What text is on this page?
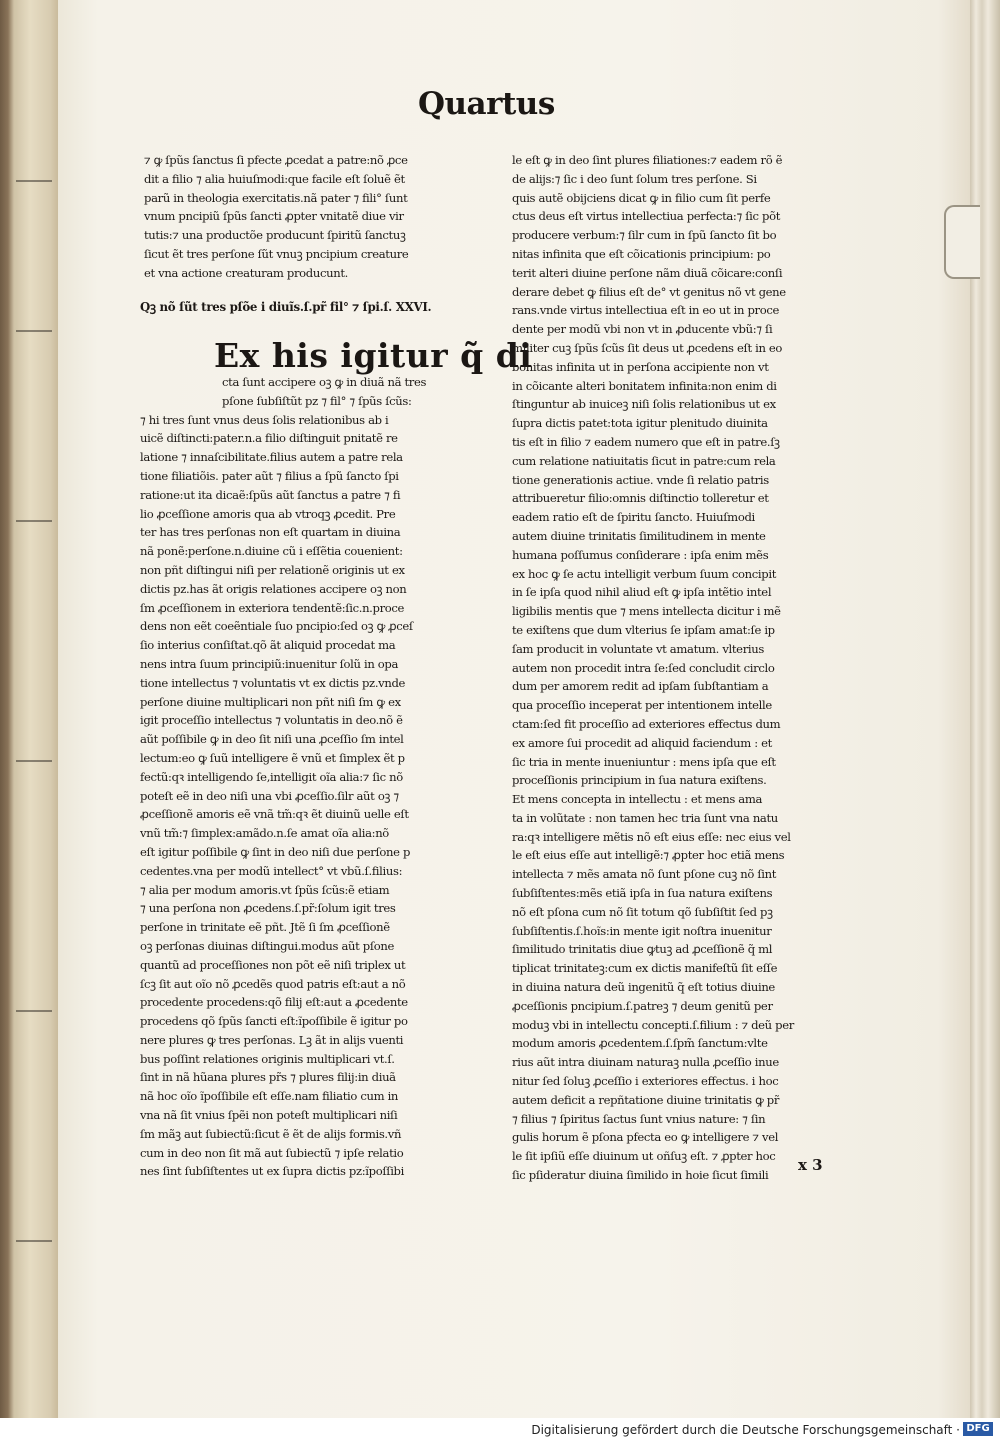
Quartus
⁊ ꝙ ſpũs ſanctus ſi pfecte ꝓcedat a patre:nõ ꝓce
dit a filio ⁊ alia huiuſmodi:que facile eſt ſoluẽ ẽt
parũ in theologia exercitatis.nã pater ⁊ fili° ſunt
vnum pncipiũ ſpũs ſancti ꝓpter vnitatẽ diue vir
tutis:⁊ una productõe producunt ſpiritũ ſanctuꝫ
ſicut ẽt tres perſone ſũt vnuꝫ pncipium creature
et vna actione creaturam producunt.
Qꝫ nõ ſũt tres pſõe i diuĩs.ſ.pr̃ fil° ⁊ ſpi.ſ. XXVI.
Ex his igitur q̃ di
cta ſunt accipere oꝫ ꝙ in diuã nã tres
pſone ſubſiſtũt pz ⁊ fil° ⁊ ſpũs ſcũs:
⁊ hi tres ſunt vnus deus ſolis relationibus ab i
uicẽ diſtincti:pater.n.a filio diſtinguit pnitatẽ re
latione ⁊ innaſcibilitate.filius autem a patre rela
tione filiatiõis. pater aũt ⁊ filius a ſpũ ſancto ſpi
ratione:ut ita dicaẽ:ſpũs aũt ſanctus a patre ⁊ fi
lio ꝓceſſione amoris qua ab vtroqꝫ ꝓcedit. Pre
ter has tres perſonas non eſt quartam in diuina
nã ponẽ:perſone.n.diuine cũ i eſſẽtia couenient:
non pñt diſtingui niſi per relationẽ originis ut ex
dictis pz.has ãt origis relationes accipere oꝫ non
ſm ꝓceſſionem in exteriora tendentẽ:ſic.n.proce
dens non eẽt coeẽntiale ſuo pncipio:ſed oꝫ ꝙ ꝓceſ
ſio interius conſiſtat.qõ ãt aliquid procedat ma
nens intra ſuum principiũ:inuenitur ſolũ in opa
tione intellectus ⁊ voluntatis vt ex dictis pz.vnde
perſone diuine multiplicari non pñt niſi ſm ꝙ ex
igit proceſſio intellectus ⁊ voluntatis in deo.nõ ẽ
aũt poſſibile ꝙ in deo ſit niſi una ꝓceſſio ſm intel
lectum:eo ꝙ ſuũ intelligere ẽ vnũ et ſimplex ẽt p
fectũ:qꝛ intelligendo ſe,intelligit oĩa alia:⁊ ſic nõ
poteſt eẽ in deo niſi una vbi ꝓceſſio.ſilr aũt oꝫ ⁊
ꝓceſſionẽ amoris eẽ vnã tm̃:qꝛ ẽt diuinũ uelle eſt
vnũ tm̃:⁊ ſimplex:amãdo.n.ſe amat oĩa alia:nõ
eſt igitur poſſibile ꝙ ſint in deo niſi due perſone p
cedentes.vna per modũ intellect° vt vbũ.ſ.filius:
⁊ alia per modum amoris.vt ſpũs ſcũs:ẽ etiam
⁊ una perſona non ꝓcedens.ſ.pr̃:ſolum igit tres
perſone in trinitate eẽ pñt. Jtẽ ſi ſm ꝓceſſionẽ
oꝫ perſonas diuinas diſtingui.modus aũt pſone
quantũ ad proceſſiones non põt eẽ niſi triplex ut
ſcꝫ ſit aut oĩo nõ ꝓcedẽs quod patris eſt:aut a nõ
procedente procedens:qõ filij eſt:aut a ꝓcedente
procedens qõ ſpũs ſancti eſt:ĩpoſſibile ẽ igitur po
nere plures ꝙ tres perſonas. Lꝫ ãt in alijs vuenti
bus poſſint relationes originis multiplicari vt.ſ.
ſint in nã hũana plures pr̃s ⁊ plures filij:in diuã
nã hoc oĩo ĩpoſſibile eſt eſſe.nam filiatio cum in
vna nã ſit vnius ſpẽi non poteſt multiplicari niſi
ſm mãꝫ aut ſubiectũ:ſicut ẽ ẽt de alijs formis.vñ
cum in deo non ſit mã aut ſubiectũ ⁊ ipſe relatio
nes ſint ſubſiſtentes ut ex ſupra dictis pz:ĩpoſſibi
le eſt ꝙ in deo ſint plures filiationes:⁊ eadem rõ ẽ
de alijs:⁊ ſic i deo ſunt ſolum tres perſone. Si
quis autẽ obijciens dicat ꝙ in filio cum ſit perfe
ctus deus eſt virtus intellectiua perfecta:⁊ ſic põt
producere verbum:⁊ ſilr cum in ſpũ ſancto ſit bo
nitas infinita que eſt cõicationis principium: po
terit alteri diuine perſone nãm diuã cõicare:conſi
derare debet ꝙ filius eſt de° vt genitus nõ vt gene
rans.vnde virtus intellectiua eſt in eo ut in proce
dente per modũ vbi non vt in ꝓducente vbũ:⁊ ſi
militer cuꝫ ſpũs ſcũs ſit deus ut ꝓcedens eſt in eo
bonitas infinita ut in perſona accipiente non vt
in cõicante alteri bonitatem infinita:non enim di
ſtinguntur ab inuiceꝫ niſi ſolis relationibus ut ex
ſupra dictis patet:tota igitur plenitudo diuinita
tis eſt in filio ⁊ eadem numero que eſt in patre.ſꝫ
cum relatione natiuitatis ſicut in patre:cum rela
tione generationis actiue. vnde ſi relatio patris
attribueretur filio:omnis diſtinctio tolleretur et
eadem ratio eſt de ſpiritu ſancto. Huiuſmodi
autem diuine trinitatis ſimilitudinem in mente
humana poſſumus conſiderare : ipſa enim mẽs
ex hoc ꝙ ſe actu intelligit verbum ſuum concipit
in ſe ipſa quod nihil aliud eſt ꝙ ipſa intẽtio intel
ligibilis mentis que ⁊ mens intellecta dicitur i mẽ
te exiſtens que dum vlterius ſe ipſam amat:ſe ip
ſam producit in voluntate vt amatum. vlterius
autem non procedit intra ſe:ſed concludit circlo
dum per amorem redit ad ipſam ſubſtantiam a
qua proceſſio inceperat per intentionem intelle
ctam:ſed fit proceſſio ad exteriores effectus dum
ex amore ſui procedit ad aliquid faciendum : et
ſic tria in mente inueniuntur : mens ipſa que eſt
proceſſionis principium in ſua natura exiſtens.
Et mens concepta in intellectu : et mens ama
ta in volũtate : non tamen hec tria ſunt vna natu
ra:qꝛ intelligere mẽtis nõ eſt eius eſſe: nec eius vel
le eſt eius eſſe aut intelligẽ:⁊ ꝓpter hoc etiã mens
intellecta ⁊ mẽs amata nõ ſunt pſone cuꝫ nõ ſint
ſubſiſtentes:mẽs etiã ipſa in ſua natura exiſtens
nõ eſt pſona cum nõ ſit totum qõ ſubſiſtit ſed pꝫ
ſubſiſtentis.ſ.hoĩs:in mente igit noſtra inuenitur
ſimilitudo trinitatis diue ꝙtuꝫ ad ꝓceſſionẽ q̃ ml
tiplicat trinitateꝫ:cum ex dictis manifeſtũ ſit eſſe
in diuina natura deũ ingenitũ q̃ eſt totius diuine
ꝓceſſionis pncipium.ſ.patreꝫ ⁊ deum genitũ per
moduꝫ vbi in intellectu concepti.ſ.filium : ⁊ deũ per
modum amoris ꝓcedentem.ſ.ſpm̃ ſanctum:vlte
rius aũt intra diuinam naturaꝫ nulla ꝓceſſio inue
nitur ſed ſoluꝫ ꝓceſſio i exteriores effectus. i hoc
autem deficit a repñtatione diuine trinitatis ꝙ pr̃
⁊ filius ⁊ ſpiritus ſactus ſunt vnius nature: ⁊ ſin
gulis horum ẽ pſona pfecta eo ꝙ intelligere ⁊ vel
le ſit ipſiũ eſſe diuinum ut oñſuꝫ eſt. ⁊ ꝓpter hoc
ſic pſideratur diuina ſimilido in hoie ſicut ſimili
x 3
Digitalisierung gefördert durch die Deutsche Forschungsgemeinschaft · DFG
